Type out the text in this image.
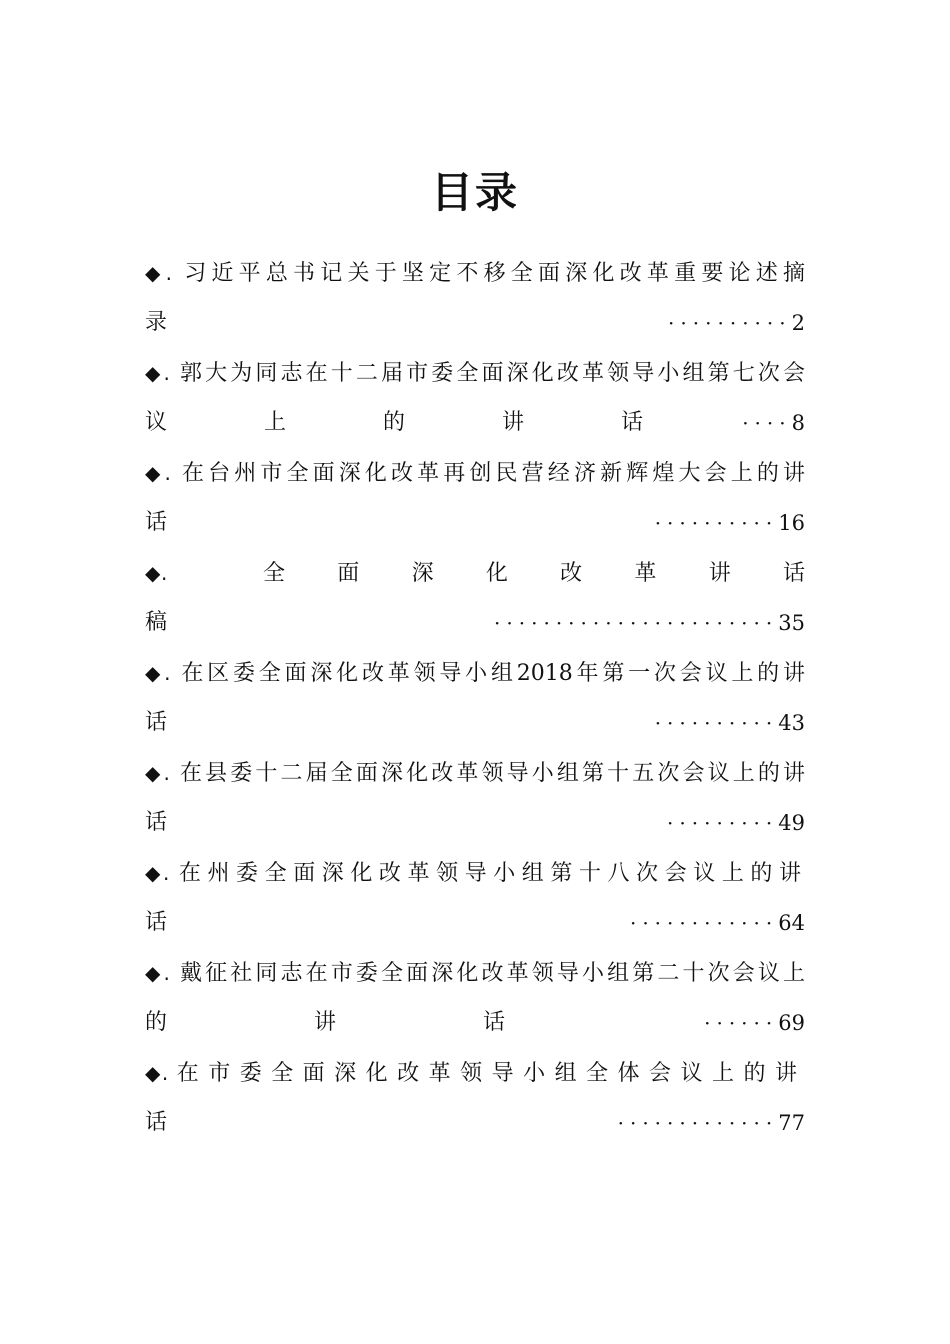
目录
◆. 习近平总书记关于坚定不移全面深化改革重要论述摘
录	·········· 2
◆. 郭大为同志在十二届市委全面深化改革领导小组第七次会
议 上 的 讲 话	···· 8
◆. 在台州市全面深化改革再创民营经济新辉煌大会上的讲
话	·········· 16
◆.	全 面 深 化 改 革 讲 话
稿	······················· 35
◆. 在区委全面深化改革领导小组2018年第一次会议上的讲
话	·········· 43
◆. 在县委十二届全面深化改革领导小组第十五次会议上的讲
话	········· 49
◆. 在州委全面深化改革领导小组第十八次会议上的讲
话	············ 64
◆. 戴征社同志在市委全面深化改革领导小组第二十次会议上
的 讲 话	······ 69
◆. 在市委全面深化改革领导小组全体会议上的讲
话	············· 77
